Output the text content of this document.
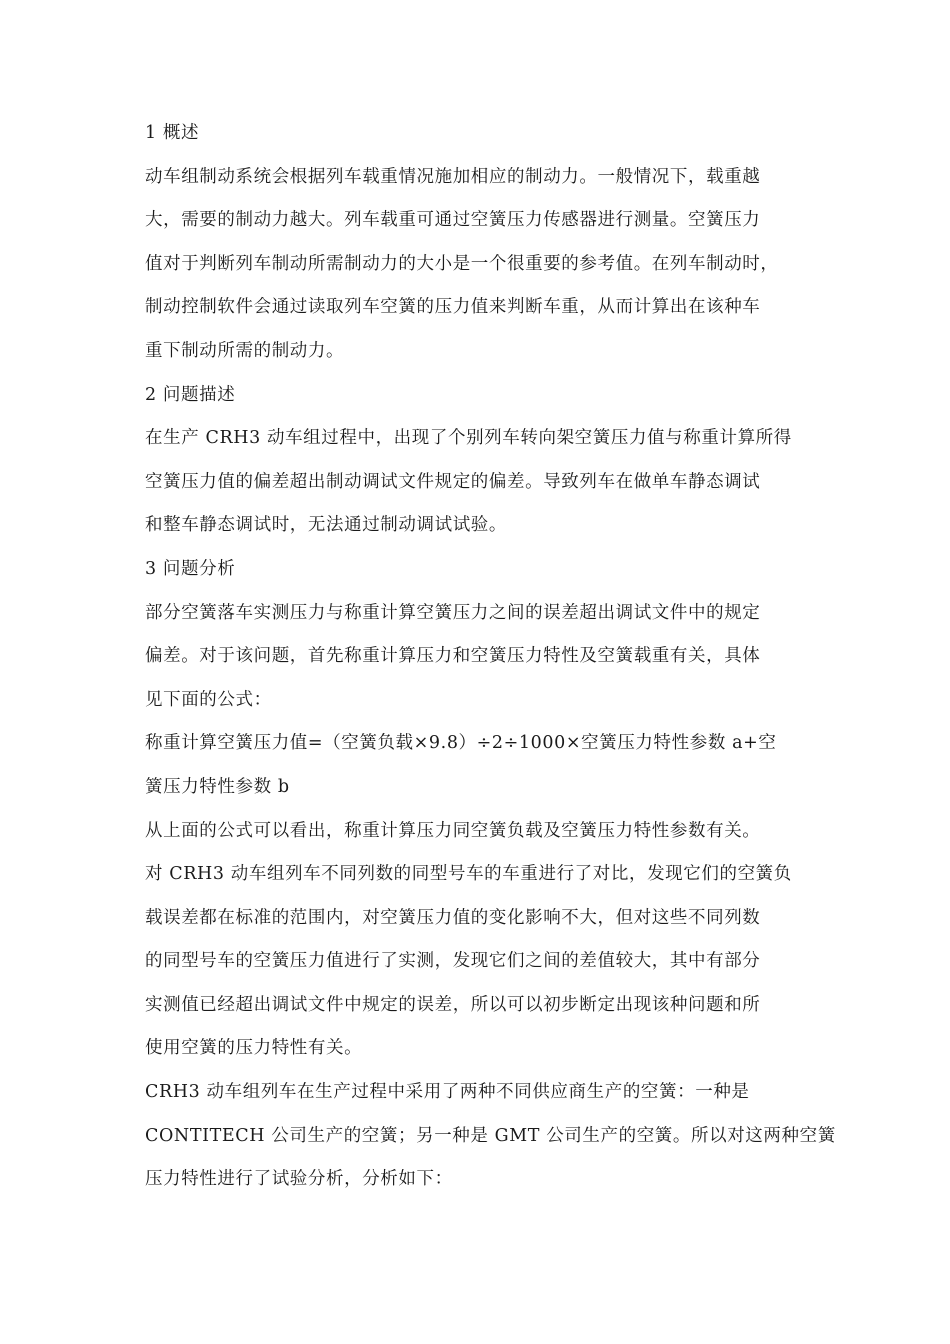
1 概述

动车组制动系统会根据列车载重情况施加相应的制动力。一般情况下，载重越
大，需要的制动力越大。列车载重可通过空簧压力传感器进行测量。空簧压力
值对于判断列车制动所需制动力的大小是一个很重要的参考值。在列车制动时，
制动控制软件会通过读取列车空簧的压力值来判断车重，从而计算出在该种车
重下制动所需的制动力。

2 问题描述

在生产 CRH3 动车组过程中，出现了个别列车转向架空簧压力值与称重计算所得
空簧压力值的偏差超出制动调试文件规定的偏差。导致列车在做单车静态调试
和整车静态调试时，无法通过制动调试试验。

3 问题分析

部分空簧落车实测压力与称重计算空簧压力之间的误差超出调试文件中的规定
偏差。对于该问题，首先称重计算压力和空簧压力特性及空簧载重有关，具体
见下面的公式：

称重计算空簧压力值=（空簧负载×9.8）÷2÷1000×空簧压力特性参数 a+空
簧压力特性参数 b

从上面的公式可以看出，称重计算压力同空簧负载及空簧压力特性参数有关。
对 CRH3 动车组列车不同列数的同型号车的车重进行了对比，发现它们的空簧负
载误差都在标准的范围内，对空簧压力值的变化影响不大，但对这些不同列数
的同型号车的空簧压力值进行了实测，发现它们之间的差值较大，其中有部分
实测值已经超出调试文件中规定的误差，所以可以初步断定出现该种问题和所
使用空簧的压力特性有关。

CRH3 动车组列车在生产过程中采用了两种不同供应商生产的空簧：一种是
CONTITECH 公司生产的空簧；另一种是 GMT 公司生产的空簧。所以对这两种空簧
压力特性进行了试验分析，分析如下：
